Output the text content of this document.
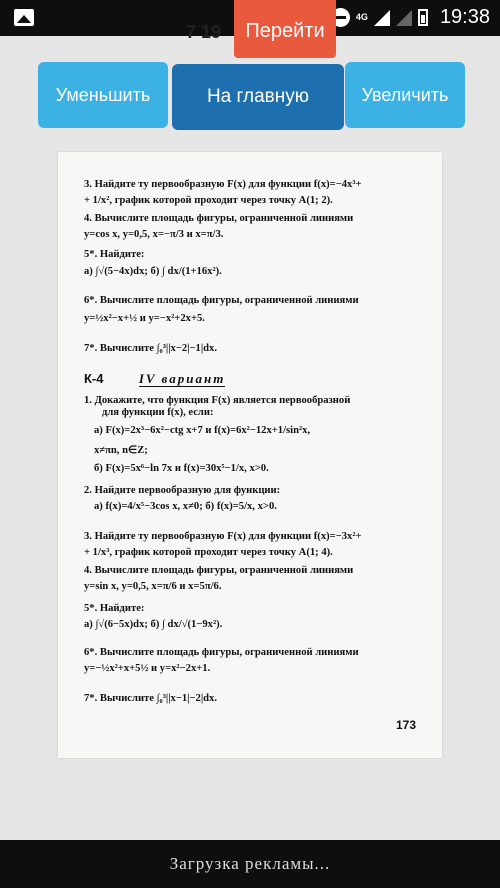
4G	19:38
7 19	Перейти
Уменьшить	На главную	Увеличить
3. Найдите ту первообразную F(x) для функции f(x)=−4x³+
+ 1/x², график которой проходит через точку A(1; 2).
4. Вычислите площадь фигуры, ограниченной линиями
y=cos x, y=0,5, x=−π/3 и x=π/3.
5*. Найдите:
а) ∫√(5−4x)dx; б) ∫ dx/(1+16x²).
6*. Вычислите площадь фигуры, ограниченной линиями
y=½x²−x+½ и y=−x²+2x+5.
7*. Вычислите ∫₀³||x−2|−1|dx.
К-4	IV вариант
1. Докажите, что функция F(x) является первообразной
для функции f(x), если:
а) F(x)=2x³−6x²−ctg x+7 и f(x)=6x²−12x+1/sin²x,
x≠πn, n∈Z;
б) F(x)=5x⁶−ln 7x и f(x)=30x⁵−1/x, x>0.
2. Найдите первообразную для функции:
а) f(x)=4/x⁵−3cos x, x≠0; б) f(x)=5/x, x>0.
3. Найдите ту первообразную F(x) для функции f(x)=−3x²+
+ 1/x³, график которой проходит через точку A(1; 4).
4. Вычислите площадь фигуры, ограниченной линиями
y=sin x, y=0,5, x=π/6 и x=5π/6.
5*. Найдите:
а) ∫√(6−5x)dx; б) ∫ dx/√(1−9x²).
6*. Вычислите площадь фигуры, ограниченной линиями
y=−½x²+x+5½ и y=x²−2x+1.
7*. Вычислите ∫₀³||x−1|−2|dx.
173
Загрузка рекламы...
